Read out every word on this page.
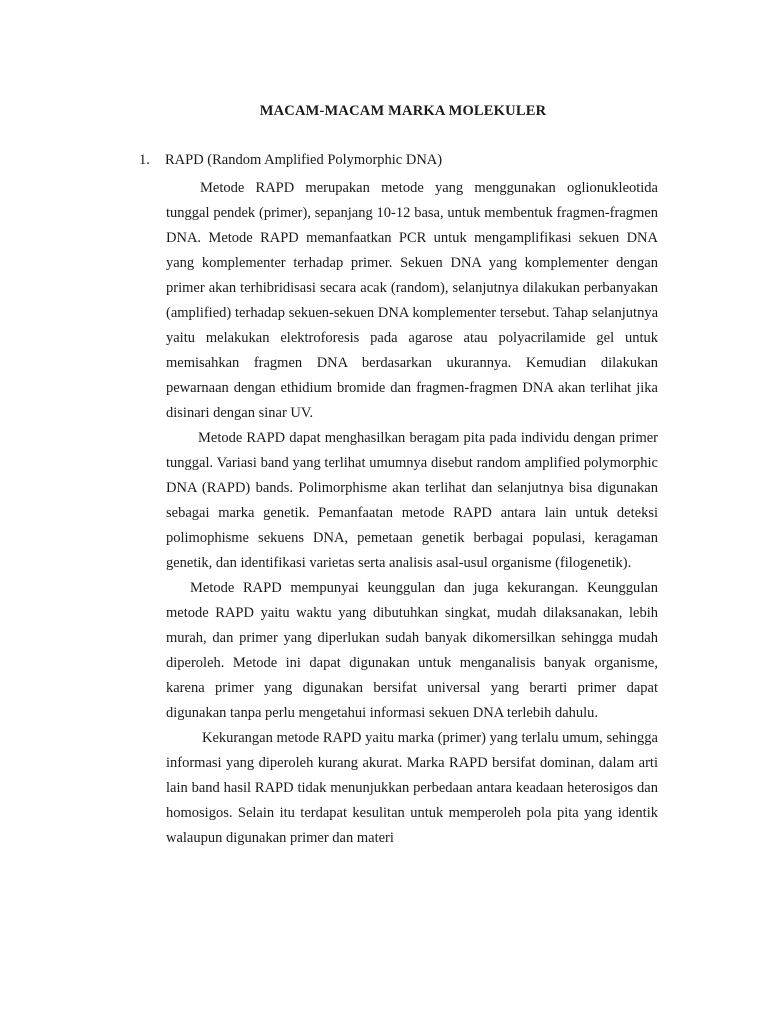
MACAM-MACAM MARKA MOLEKULER
1. RAPD (Random Amplified Polymorphic DNA)

Metode RAPD merupakan metode yang menggunakan oglionukleotida tunggal pendek (primer), sepanjang 10-12 basa, untuk membentuk fragmen-fragmen DNA. Metode RAPD memanfaatkan PCR untuk mengamplifikasi sekuen DNA yang komplementer terhadap primer. Sekuen DNA yang komplementer dengan primer akan terhibridisasi secara acak (random), selanjutnya dilakukan perbanyakan (amplified) terhadap sekuen-sekuen DNA komplementer tersebut. Tahap selanjutnya yaitu melakukan elektroforesis pada agarose atau polyacrilamide gel untuk memisahkan fragmen DNA berdasarkan ukurannya. Kemudian dilakukan pewarnaan dengan ethidium bromide dan fragmen-fragmen DNA akan terlihat jika disinari dengan sinar UV.

Metode RAPD dapat menghasilkan beragam pita pada individu dengan primer tunggal. Variasi band yang terlihat umumnya disebut random amplified polymorphic DNA (RAPD) bands. Polimorphisme akan terlihat dan selanjutnya bisa digunakan sebagai marka genetik. Pemanfaatan metode RAPD antara lain untuk deteksi polimophisme sekuens DNA, pemetaan genetik berbagai populasi, keragaman genetik, dan identifikasi varietas serta analisis asal-usul organisme (filogenetik).

Metode RAPD mempunyai keunggulan dan juga kekurangan. Keunggulan metode RAPD yaitu waktu yang dibutuhkan singkat, mudah dilaksanakan, lebih murah, dan primer yang diperlukan sudah banyak dikomersilkan sehingga mudah diperoleh. Metode ini dapat digunakan untuk menganalisis banyak organisme, karena primer yang digunakan bersifat universal yang berarti primer dapat digunakan tanpa perlu mengetahui informasi sekuen DNA terlebih dahulu.

Kekurangan metode RAPD yaitu marka (primer) yang terlalu umum, sehingga informasi yang diperoleh kurang akurat. Marka RAPD bersifat dominan, dalam arti lain band hasil RAPD tidak menunjukkan perbedaan antara keadaan heterosigos dan homosigos. Selain itu terdapat kesulitan untuk memperoleh pola pita yang identik walaupun digunakan primer dan materi
